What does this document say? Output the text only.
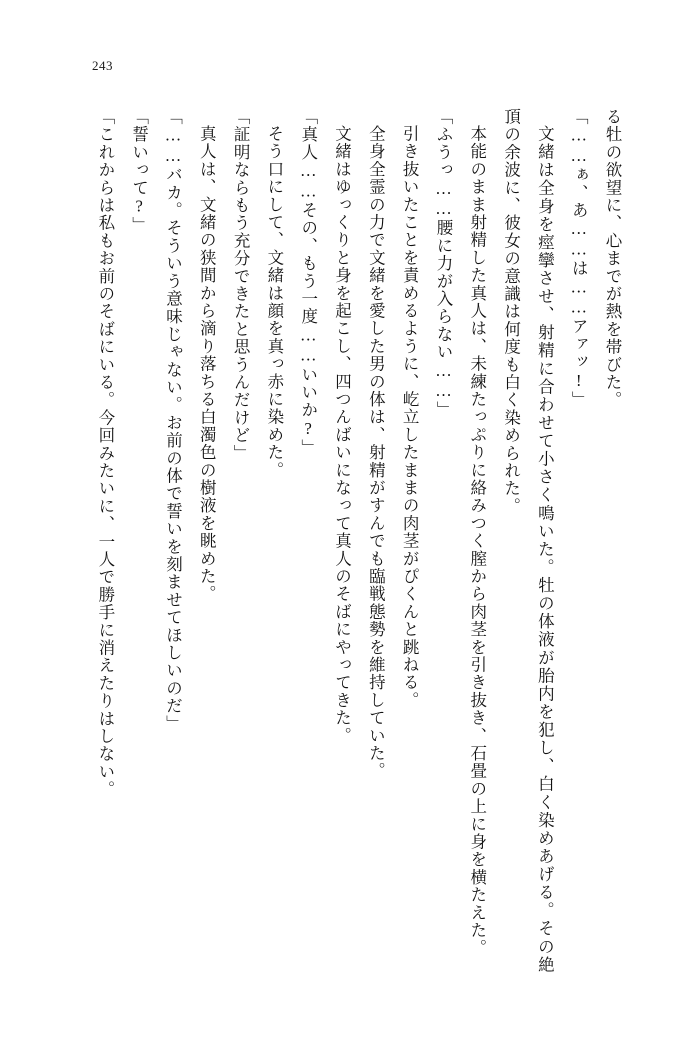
243

る牡の欲望に、心までが熱を帯びた。

「……ぁ、あ……は……アァッ!」

文緒は全身を痙攣させ、射精に合わせて小さく鳴いた。牡の体液が胎内を犯し、白く染めあげる。その絶頂の余波に、彼女の意識は何度も白く染められた。

本能のまま射精した真人は、未練たっぷりに絡みつく膣から肉茎を引き抜き、石畳の上に身を横たえた。

「ふうっ……腰に力が入らない……」

引き抜いたことを責めるように、屹立したままの肉茎がぴくんと跳ねる。

全身全霊の力で文緒を愛した男の体は、射精がすんでも臨戦態勢を維持していた。

文緒はゆっくりと身を起こし、四つんばいになって真人のそばにやってきた。

「真人……その、もう一度……いいか?」

そう口にして、文緒は顔を真っ赤に染めた。

「証明ならもう充分できたと思うんだけど」

真人は、文緒の狭間から滴り落ちる白濁色の樹液を眺めた。

「……バカ。そういう意味じゃない。お前の体で誓いを刻ませてほしいのだ」

「誓いって?」

「これからは私もお前のそばにいる。今回みたいに、一人で勝手に消えたりはしない。
